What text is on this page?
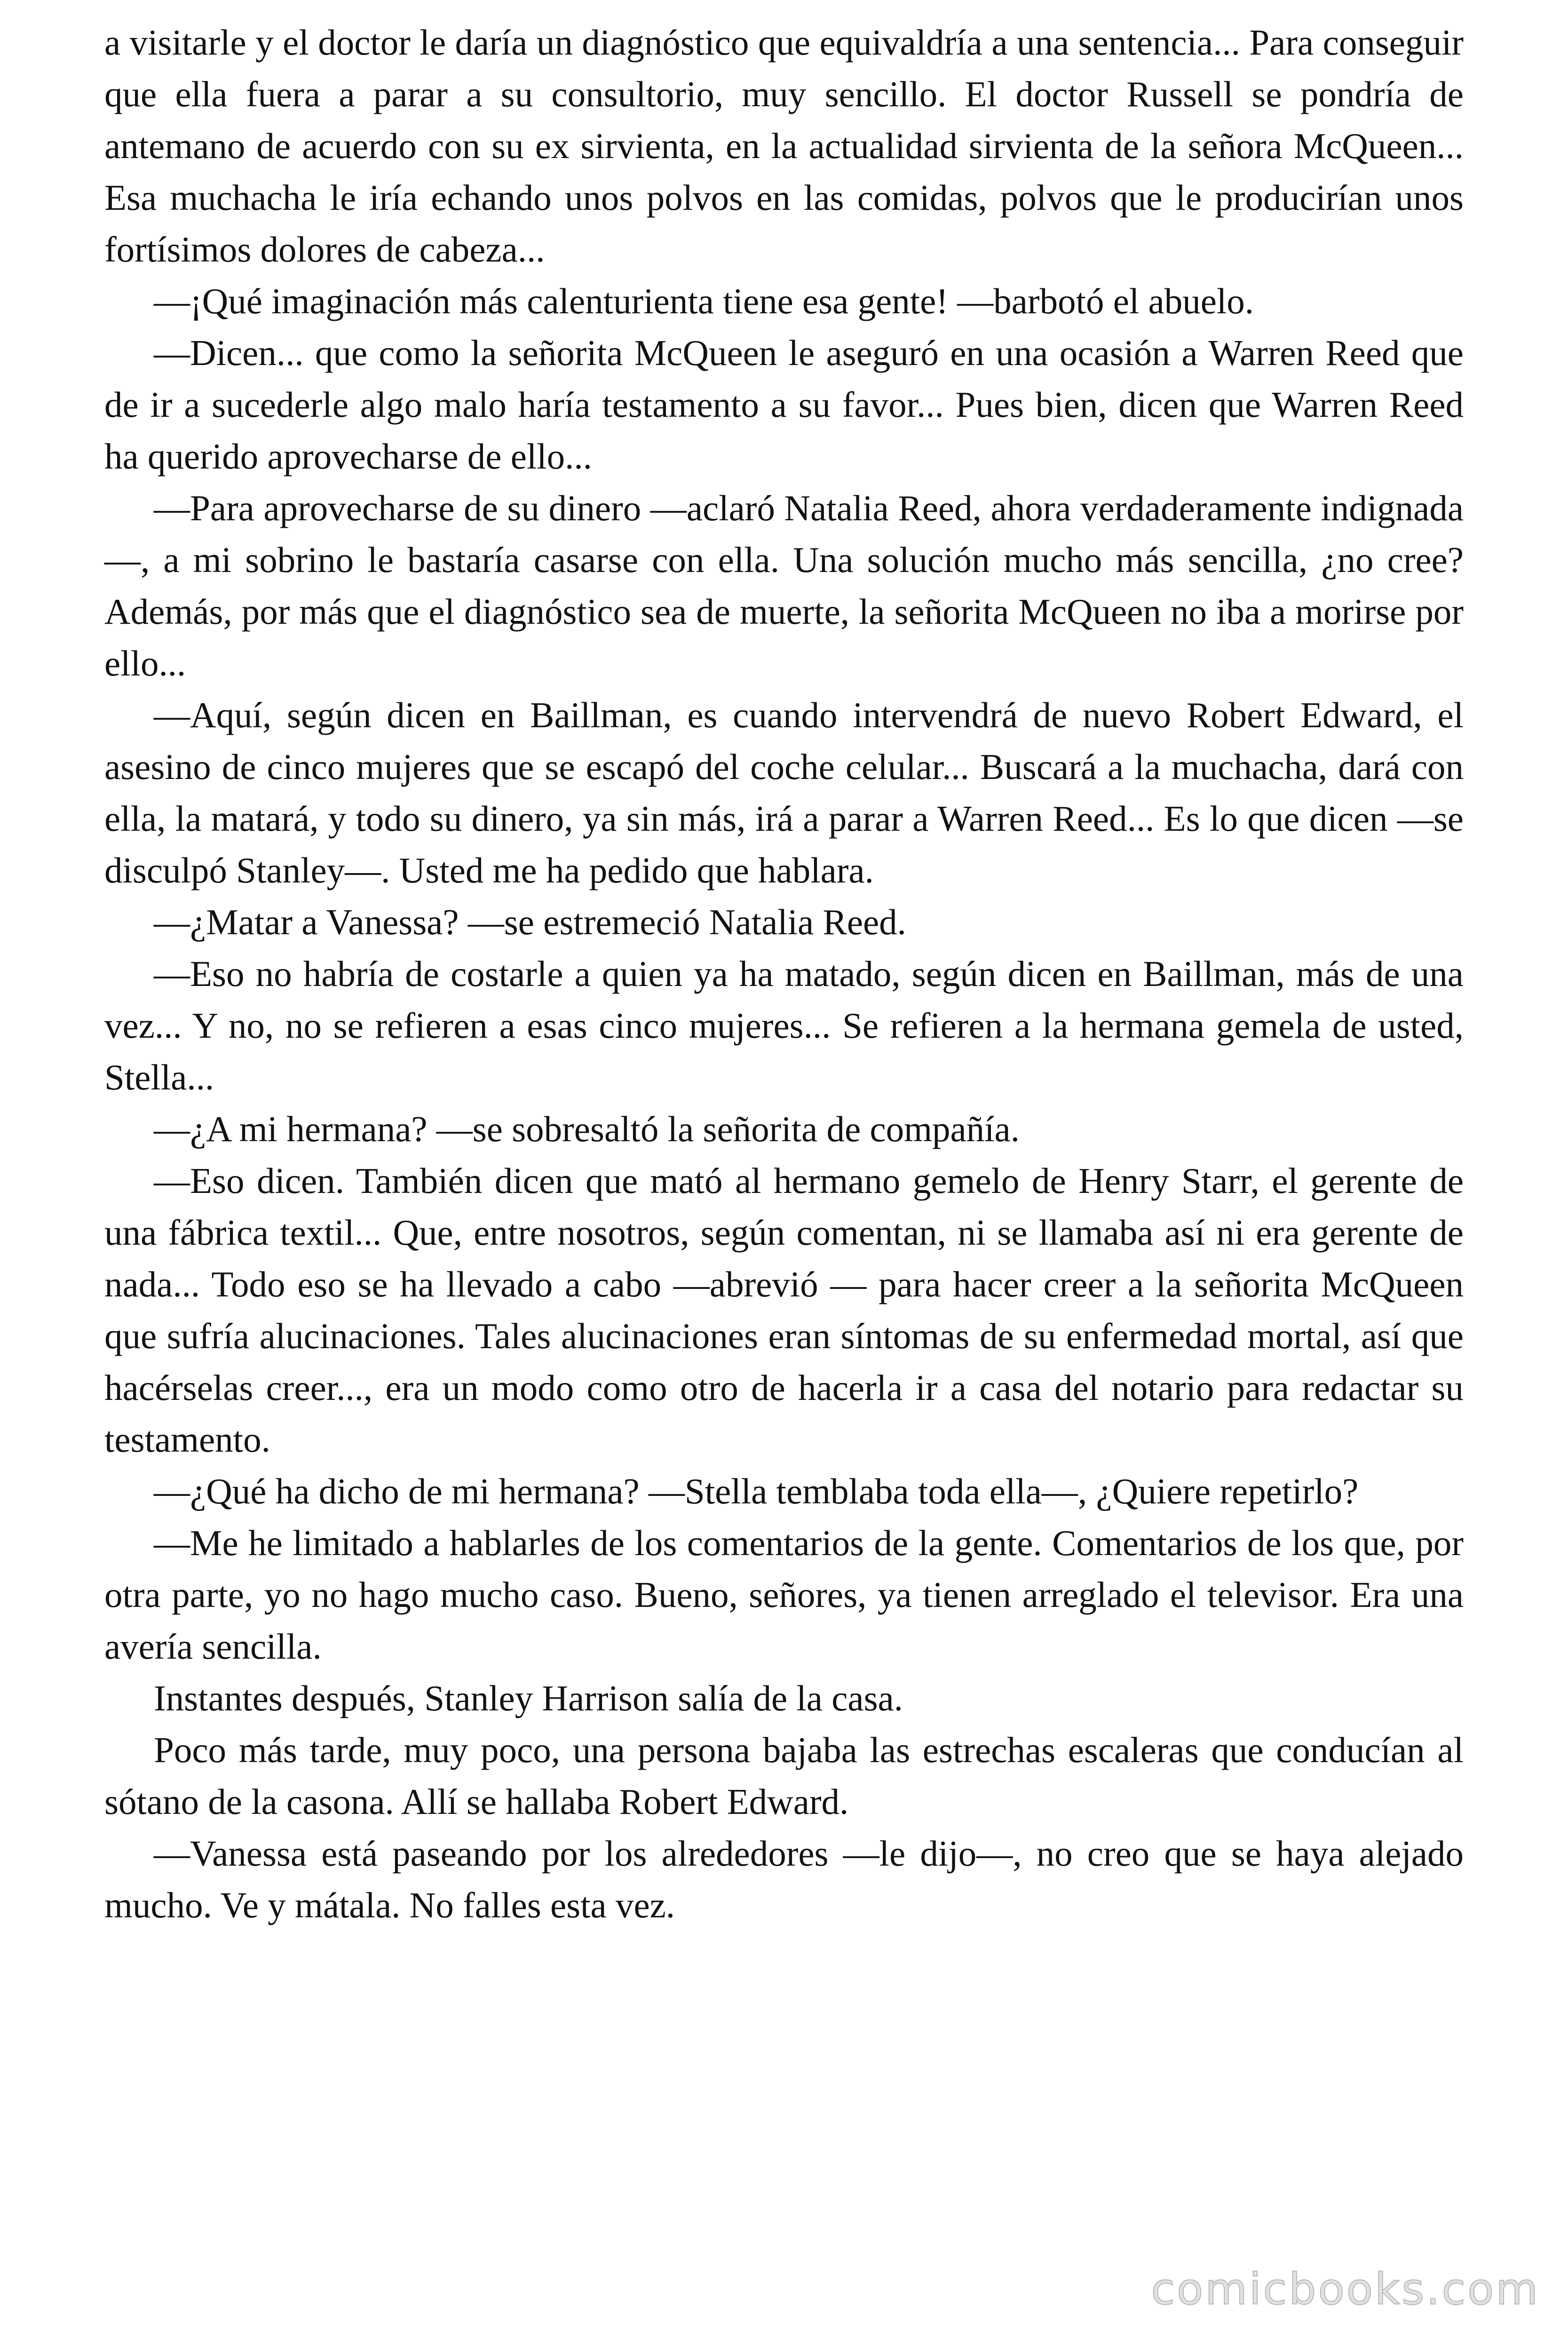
a visitarle y el doctor le daría un diagnóstico que equivaldría a una sentencia... Para conseguir que ella fuera a parar a su consultorio, muy sencillo. El doctor Russell se pondría de antemano de acuerdo con su ex sirvienta, en la actualidad sirvienta de la señora McQueen... Esa muchacha le iría echando unos polvos en las comidas, polvos que le producirían unos fortísimos dolores de cabeza...

—¡Qué imaginación más calenturienta tiene esa gente! —barbotó el abuelo.

—Dicen... que como la señorita McQueen le aseguró en una ocasión a Warren Reed que de ir a sucederle algo malo haría testamento a su favor... Pues bien, dicen que Warren Reed ha querido aprovecharse de ello...

—Para aprovecharse de su dinero —aclaró Natalia Reed, ahora verdaderamente indignada—, a mi sobrino le bastaría casarse con ella. Una solución mucho más sencilla, ¿no cree? Además, por más que el diagnóstico sea de muerte, la señorita McQueen no iba a morirse por ello...

—Aquí, según dicen en Baillman, es cuando intervendrá de nuevo Robert Edward, el asesino de cinco mujeres que se escapó del coche celular... Buscará a la muchacha, dará con ella, la matará, y todo su dinero, ya sin más, irá a parar a Warren Reed... Es lo que dicen —se disculpó Stanley—. Usted me ha pedido que hablara.

—¿Matar a Vanessa? —se estremeció Natalia Reed.

—Eso no habría de costarle a quien ya ha matado, según dicen en Baillman, más de una vez... Y no, no se refieren a esas cinco mujeres... Se refieren a la hermana gemela de usted, Stella...

—¿A mi hermana? —se sobresaltó la señorita de compañía.

—Eso dicen. También dicen que mató al hermano gemelo de Henry Starr, el gerente de una fábrica textil... Que, entre nosotros, según comentan, ni se llamaba así ni era gerente de nada... Todo eso se ha llevado a cabo —abrevió — para hacer creer a la señorita McQueen que sufría alucinaciones. Tales alucinaciones eran síntomas de su enfermedad mortal, así que hacérselas creer..., era un modo como otro de hacerla ir a casa del notario para redactar su testamento.

—¿Qué ha dicho de mi hermana? —Stella temblaba toda ella—, ¿Quiere repetirlo?

—Me he limitado a hablarles de los comentarios de la gente. Comentarios de los que, por otra parte, yo no hago mucho caso. Bueno, señores, ya tienen arreglado el televisor. Era una avería sencilla.

Instantes después, Stanley Harrison salía de la casa.

Poco más tarde, muy poco, una persona bajaba las estrechas escaleras que conducían al sótano de la casona. Allí se hallaba Robert Edward.

—Vanessa está paseando por los alrededores —le dijo—, no creo que se haya alejado mucho. Ve y mátala. No falles esta vez.

comicbooks.com
